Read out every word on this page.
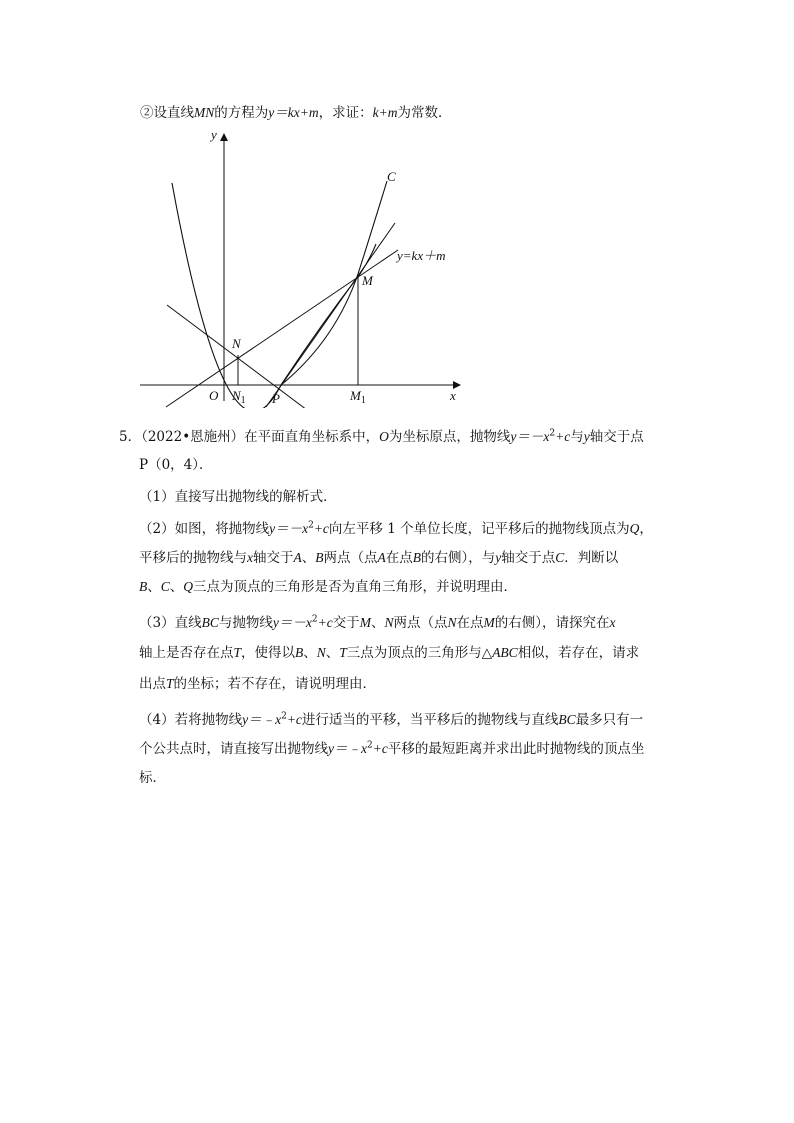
②设直线MN的方程为y＝kx+m，求证：k+m为常数．
y
x
O
N
$N_1$ P
M
$M_1$
C
y=kx＋m
5．（2022•恩施州）在平面直角坐标系中，O为坐标原点，抛物线$y=-x^2+c$与y轴交于点
P（0，4）．
（1）直接写出抛物线的解析式．
（2）如图，将抛物线$y=-x^2+c$向左平移 1 个单位长度，记平移后的抛物线顶点为Q，
平移后的抛物线与x轴交于A、B两点（点A在点B的右侧），与y轴交于点C．判断以
B、C、Q三点为顶点的三角形是否为直角三角形，并说明理由．
（3）直线BC与抛物线$y=-x^2+c$交于M、N两点（点N在点M的右侧），请探究在x
轴上是否存在点T，使得以B、N、T三点为顶点的三角形与△ABC相似，若存在，请求
出点T的坐标；若不存在，请说明理由．
（4）若将抛物线$y=﹣x^2+c$进行适当的平移，当平移后的抛物线与直线BC最多只有一
个公共点时，请直接写出抛物线$y=﹣x^2+c$平移的最短距离并求出此时抛物线的顶点坐
标．
